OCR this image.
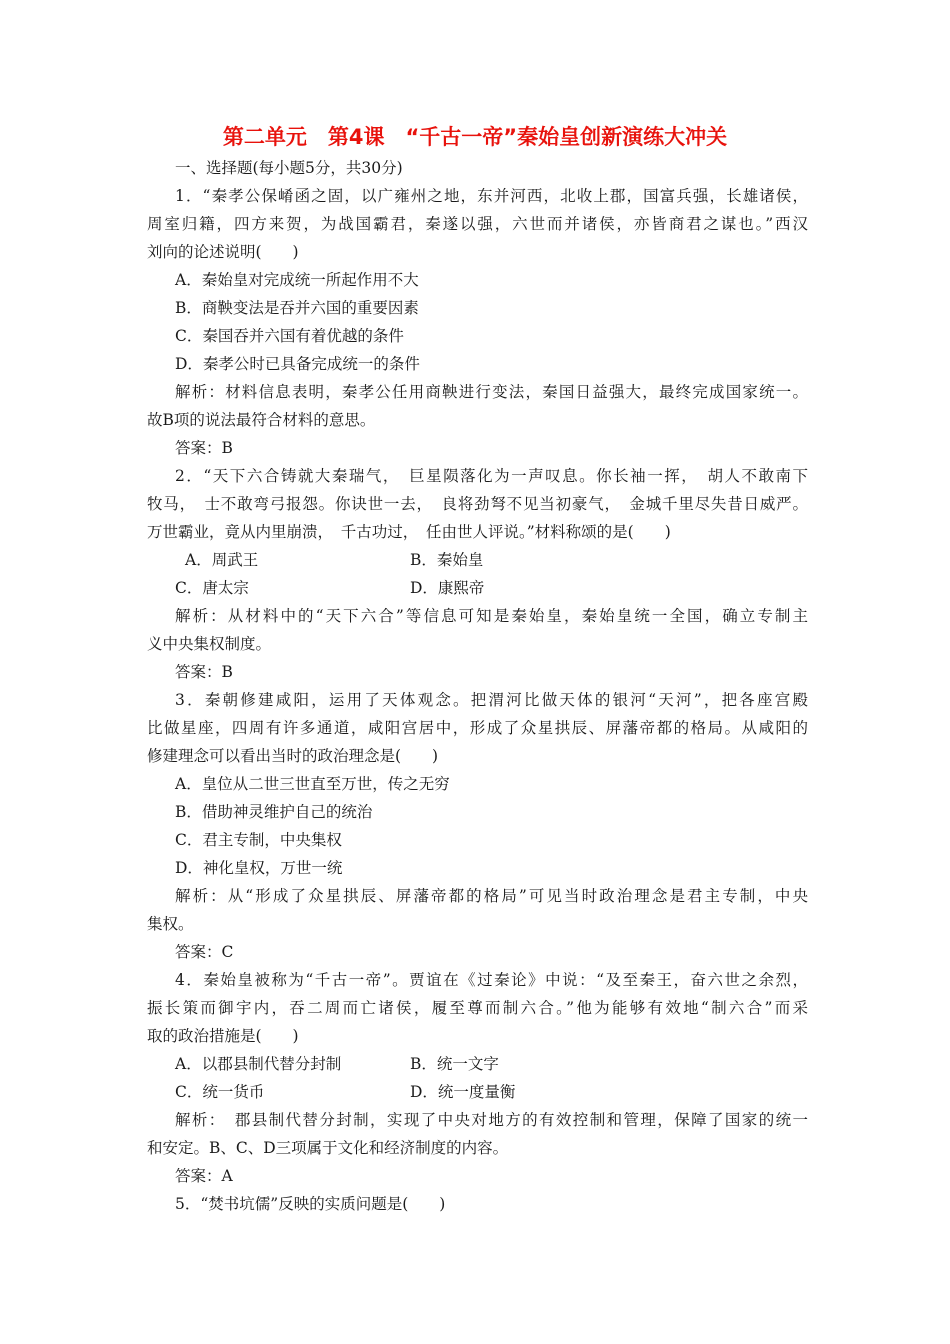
第二单元　第4课　“千古一帝”秦始皇创新演练大冲关
一、选择题(每小题5分，共30分)
1．“秦孝公保崤函之固，以广雍州之地，东并河西，北收上郡，国富兵强，长雄诸侯，
周室归籍，四方来贺，为战国霸君，秦遂以强，六世而并诸侯，亦皆商君之谋也。”西汉
刘向的论述说明(　　)
A．秦始皇对完成统一所起作用不大
B．商鞅变法是吞并六国的重要因素
C．秦国吞并六国有着优越的条件
D．秦孝公时已具备完成统一的条件
解析：材料信息表明，秦孝公任用商鞅进行变法，秦国日益强大，最终完成国家统一。
故B项的说法最符合材料的意思。
答案：B
2．“天下六合铸就大秦瑞气，　巨星陨落化为一声叹息。你长袖一挥，　胡人不敢南下
牧马，　士不敢弯弓报怨。你诀世一去，　良将劲弩不见当初豪气，　金城千里尽失昔日威严。
万世霸业，竟从内里崩溃，　千古功过，　任由世人评说。”材料称颂的是(　　)
A．周武王	B．秦始皇
C．唐太宗	D．康熙帝
解析：从材料中的“天下六合”等信息可知是秦始皇，秦始皇统一全国，确立专制主
义中央集权制度。
答案：B
3．秦朝修建咸阳，运用了天体观念。把渭河比做天体的银河“天河”，把各座宫殿
比做星座，四周有许多通道，咸阳宫居中，形成了众星拱辰、屏藩帝都的格局。从咸阳的
修建理念可以看出当时的政治理念是(　　)
A．皇位从二世三世直至万世，传之无穷
B．借助神灵维护自己的统治
C．君主专制，中央集权
D．神化皇权，万世一统
解析：从“形成了众星拱辰、屏藩帝都的格局”可见当时政治理念是君主专制，中央
集权。
答案：C
4．秦始皇被称为“千古一帝”。贾谊在《过秦论》中说：“及至秦王，奋六世之余烈，
振长策而御宇内，吞二周而亡诸侯，履至尊而制六合。”他为能够有效地“制六合”而采
取的政治措施是(　　)
A．以郡县制代替分封制	B．统一文字
C．统一货币	D．统一度量衡
解析：　郡县制代替分封制，实现了中央对地方的有效控制和管理，保障了国家的统一
和安定。B、C、D三项属于文化和经济制度的内容。
答案：A
5．“焚书坑儒”反映的实质问题是(　　)
